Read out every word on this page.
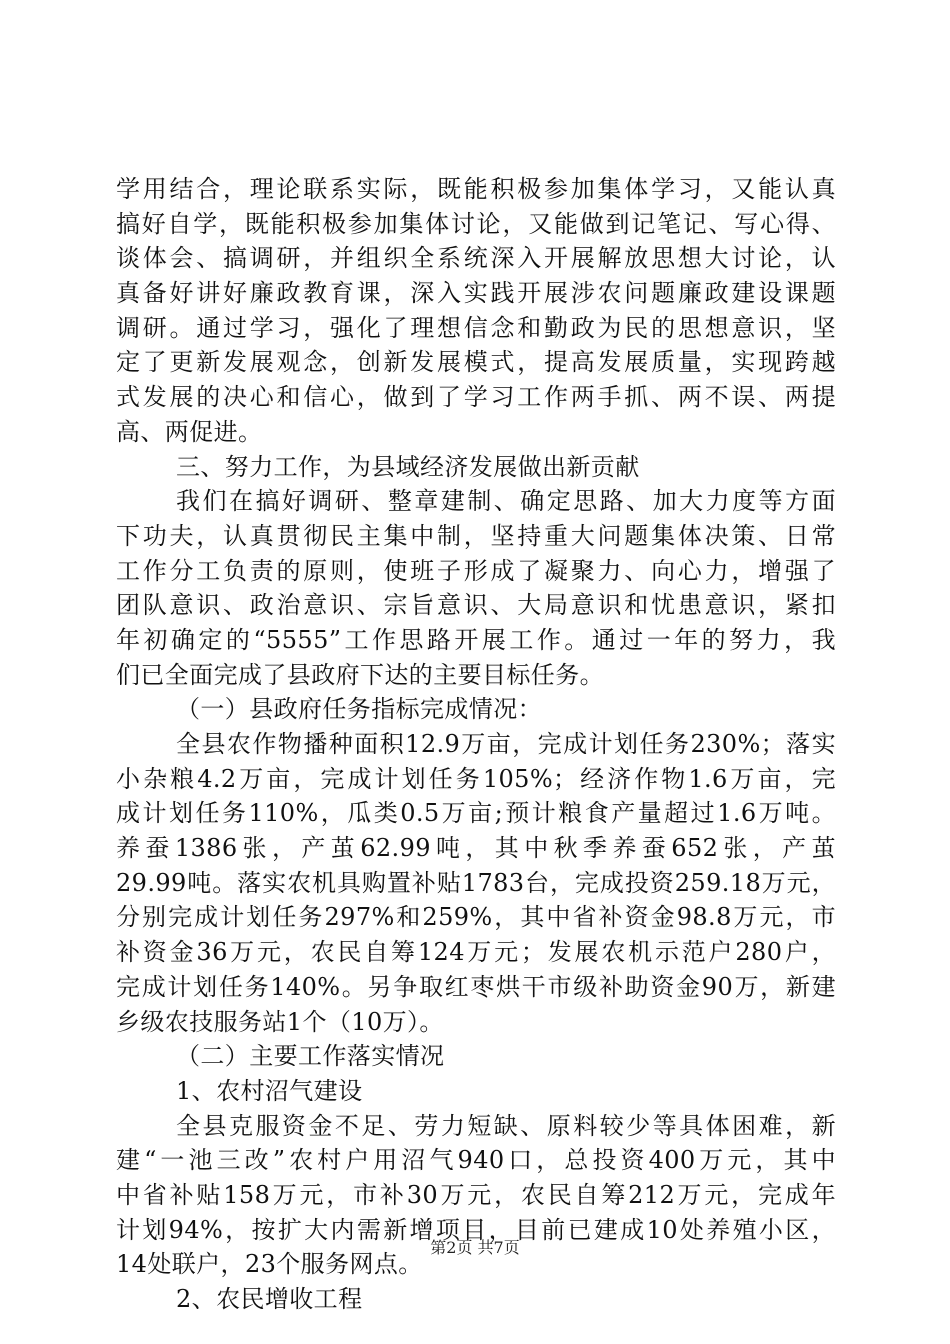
学用结合，理论联系实际，既能积极参加集体学习，又能认真
搞好自学，既能积极参加集体讨论，又能做到记笔记、写心得、
谈体会、搞调研，并组织全系统深入开展解放思想大讨论，认
真备好讲好廉政教育课，深入实践开展涉农问题廉政建设课题
调研。通过学习，强化了理想信念和勤政为民的思想意识，坚
定了更新发展观念，创新发展模式，提高发展质量，实现跨越
式发展的决心和信心，做到了学习工作两手抓、两不误、两提
高、两促进。
三、努力工作，为县域经济发展做出新贡献
我们在搞好调研、整章建制、确定思路、加大力度等方面
下功夫，认真贯彻民主集中制，坚持重大问题集体决策、日常
工作分工负责的原则，使班子形成了凝聚力、向心力，增强了
团队意识、政治意识、宗旨意识、大局意识和忧患意识，紧扣
年初确定的“5555”工作思路开展工作。通过一年的努力，我
们已全面完成了县政府下达的主要目标任务。
（一）县政府任务指标完成情况：
全县农作物播种面积12.9万亩，完成计划任务230%；落实
小杂粮4.2万亩，完成计划任务105%；经济作物1.6万亩，完
成计划任务110%，瓜类0.5万亩;预计粮食产量超过1.6万吨。
养蚕1386张，产茧62.99吨，其中秋季养蚕652张，产茧
29.99吨。落实农机具购置补贴1783台，完成投资259.18万元，
分别完成计划任务297%和259%，其中省补资金98.8万元，市
补资金36万元，农民自筹124万元；发展农机示范户280户，
完成计划任务140%。另争取红枣烘干市级补助资金90万，新建
乡级农技服务站1个（10万）。
（二）主要工作落实情况
1、农村沼气建设
全县克服资金不足、劳力短缺、原料较少等具体困难，新
建“一池三改”农村户用沼气940口，总投资400万元，其中
中省补贴158万元，市补30万元，农民自筹212万元，完成年
计划94%，按扩大内需新增项目，目前已建成10处养殖小区，
14处联户，23个服务网点。
2、农民增收工程
第2页 共7页
